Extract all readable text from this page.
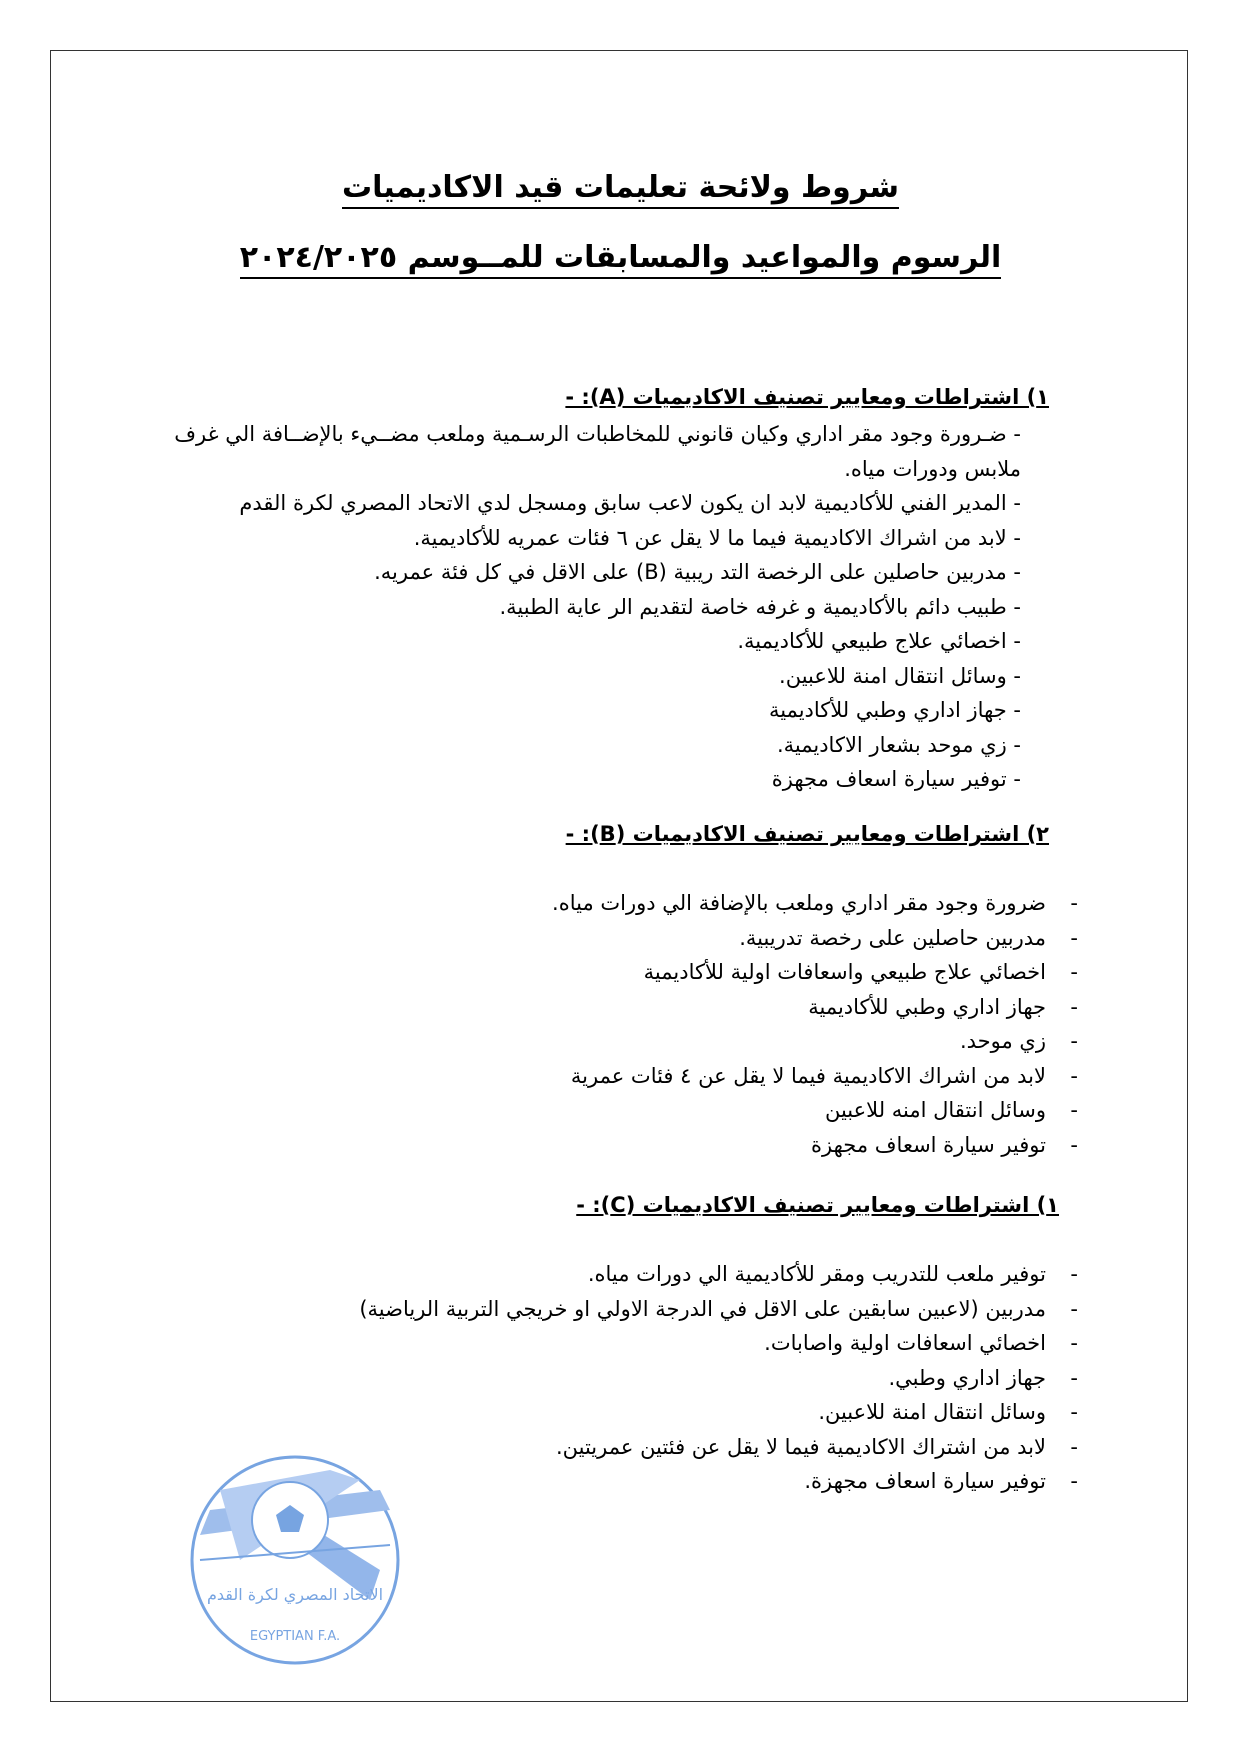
شروط ولائحة تعليمات قيد الاكاديميات
الرسوم والمواعيد والمسابقات للمــوسم ٢٠٢٤/٢٠٢٥
١) اشتراطات ومعايير تصنيف الاكاديميات (A): -
- ضـرورة وجود مقر اداري وكيان قانوني للمخاطبات الرسـمية وملعب مضــيء بالإضــافة الي غرف ملابس ودورات مياه.
- المدير الفني للأكاديمية لابد ان يكون لاعب سابق ومسجل لدي الاتحاد المصري لكرة القدم
- لابد من اشراك الاكاديمية فيما ما لا يقل عن ٦ فئات عمريه للأكاديمية.
- مدربين حاصلين على الرخصة التد ريبية (B) على الاقل في كل فئة عمريه.
- طبيب دائم بالأكاديمية و غرفه خاصة لتقديم الر عاية الطبية.
- اخصائي علاج طبيعي للأكاديمية.
- وسائل انتقال امنة للاعبين.
- جهاز اداري وطبي للأكاديمية
- زي موحد بشعار الاكاديمية.
- توفير سيارة اسعاف مجهزة
٢) اشتراطات ومعايير تصنيف الاكاديميات (B): -
- ضرورة وجود مقر اداري وملعب بالإضافة الي دورات مياه.
- مدربين حاصلين على رخصة تدريبية.
- اخصائي علاج طبيعي واسعافات اولية للأكاديمية
- جهاز اداري وطبي للأكاديمية
- زي موحد.
- لابد من اشراك الاكاديمية فيما لا يقل عن ٤ فئات عمرية
- وسائل انتقال امنه للاعبين
- توفير سيارة اسعاف مجهزة
١) اشتراطات ومعايير تصنيف الاكاديميات (C): -
- توفير ملعب للتدريب ومقر للأكاديمية الي دورات مياه.
- مدربين (لاعبين سابقين على الاقل في الدرجة الاولي او خريجي التربية الرياضية)
- اخصائي اسعافات اولية واصابات.
- جهاز اداري وطبي.
- وسائل انتقال امنة للاعبين.
- لابد من اشتراك الاكاديمية فيما لا يقل عن فئتين عمريتين.
- توفير سيارة اسعاف مجهزة.
الاتحاد المصري لكرة القدم
EGYPTIAN F.A.
